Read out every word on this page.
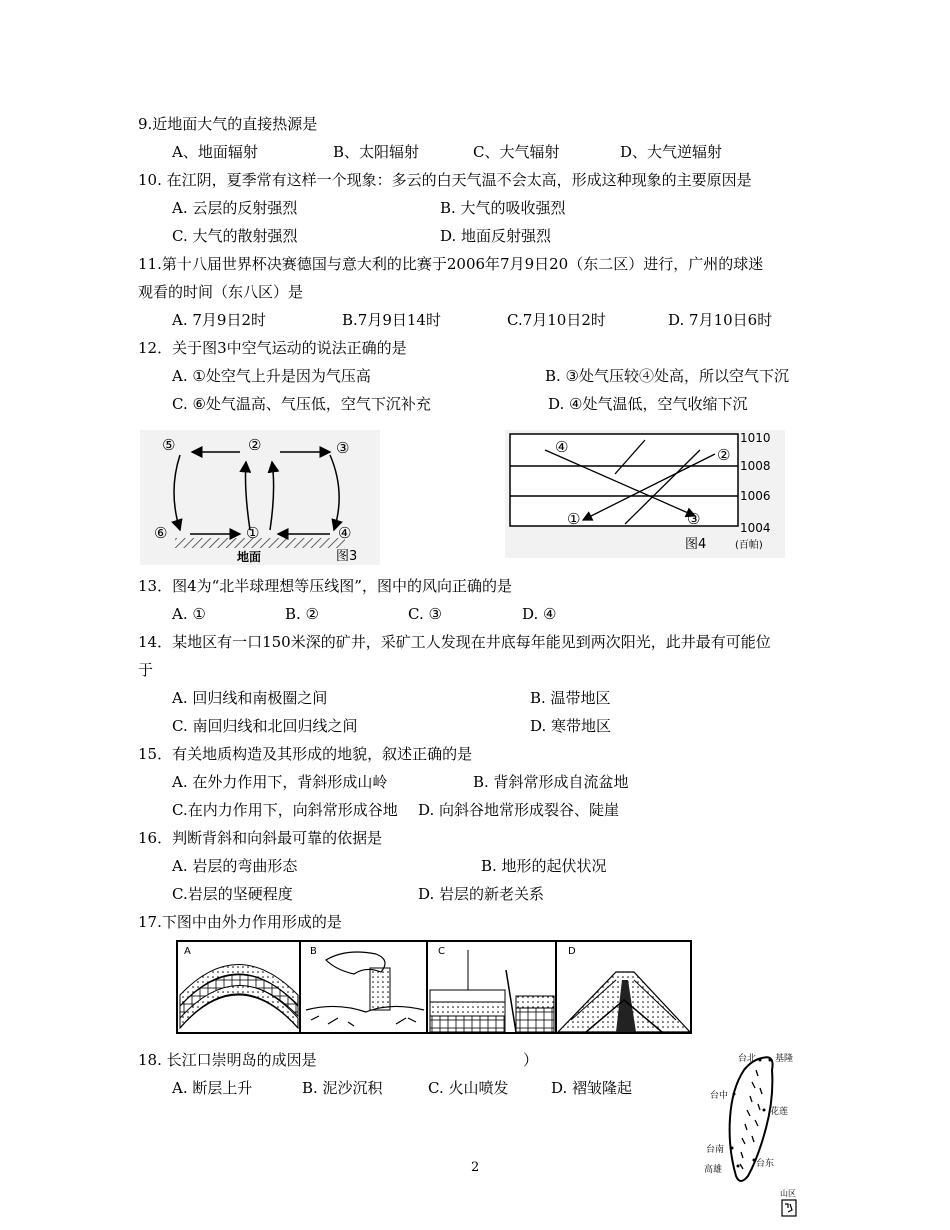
9.近地面大气的直接热源是
A、地面辐射	B、太阳辐射	C、大气辐射	D、大气逆辐射
10. 在江阴，夏季常有这样一个现象：多云的白天气温不会太高，形成这种现象的主要原因是
A. 云层的反射强烈	B. 大气的吸收强烈
C. 大气的散射强烈	D. 地面反射强烈
11.第十八届世界杯决赛德国与意大利的比赛于2006年7月9日20（东二区）进行，广州的球迷
观看的时间（东八区）是
A. 7月9日2时	B.7月9日14时	C.7月10日2时	D. 7月10日6时
12．关于图3中空气运动的说法正确的是
A. ①处空气上升是因为气压高	B. ③处气压较④处高，所以空气下沉
C. ⑥处气温高、气压低，空气下沉补充	D. ④处气温低，空气收缩下沉
⑤	②	③
⑥	①	④
地面	图3
④	②
①	③
1010
1008
1006
1004
图4	(百帕)
13．图4为“北半球理想等压线图”，图中的风向正确的是
A. ①	B. ②	C. ③	D. ④
14．某地区有一口150米深的矿井，采矿工人发现在井底每年能见到两次阳光，此井最有可能位
于
A. 回归线和南极圈之间	B. 温带地区
C. 南回归线和北回归线之间	D. 寒带地区
15．有关地质构造及其形成的地貌，叙述正确的是
A. 在外力作用下，背斜形成山岭	B. 背斜常形成自流盆地
C.在内力作用下，向斜常形成谷地 D. 向斜谷地常形成裂谷、陡崖
16．判断背斜和向斜最可靠的依据是
A. 岩层的弯曲形态	B. 地形的起伏状况
C.岩层的坚硬程度	D. 岩层的新老关系
17.下图中由外力作用形成的是
A	B	C	D
18. 长江口崇明岛的成因是	）
A. 断层上升	B. 泥沙沉积	C. 火山喷发	D. 褶皱隆起
台北 基隆
台中
花莲
台南
高雄
台东
山区
2
